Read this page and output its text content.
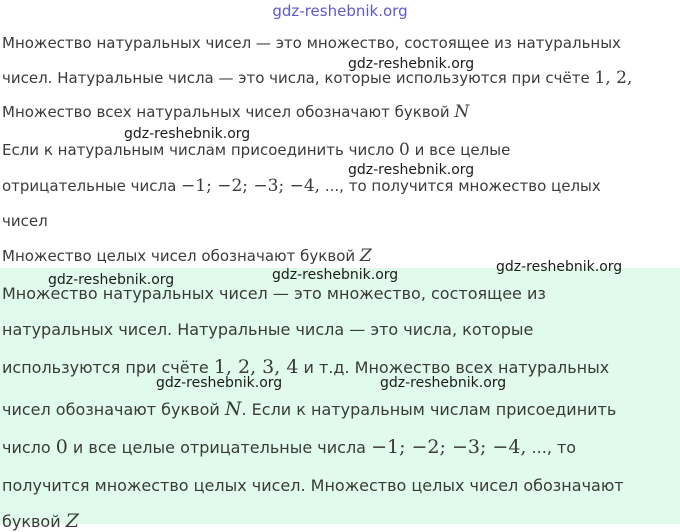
gdz-reshebnik.org
Множество натуральных чисел — это множество, состоящее из натуральных
чисел. Натуральные числа — это числа, которые используются при счёте 1, 2,
Множество всех натуральных чисел обозначают буквой N
Если к натуральным числам присоединить число 0 и все целые
отрицательные числа −1; −2; −3; −4, ..., то получится множество целых
чисел
Множество целых чисел обозначают буквой Z
Множество натуральных чисел — это множество, состоящее из
натуральных чисел. Натуральные числа — это числа, которые
используются при счёте 1, 2, 3, 4 и т.д. Множество всех натуральных
чисел обозначают буквой N. Если к натуральным числам присоединить
число 0 и все целые отрицательные числа −1; −2; −3; −4, ..., то
получится множество целых чисел. Множество целых чисел обозначают
буквой Z
gdz-reshebnik.org
gdz-reshebnik.org
gdz-reshebnik.org
gdz-reshebnik.org	gdz-reshebnik.org	gdz-reshebnik.org
gdz-reshebnik.org	gdz-reshebnik.org
